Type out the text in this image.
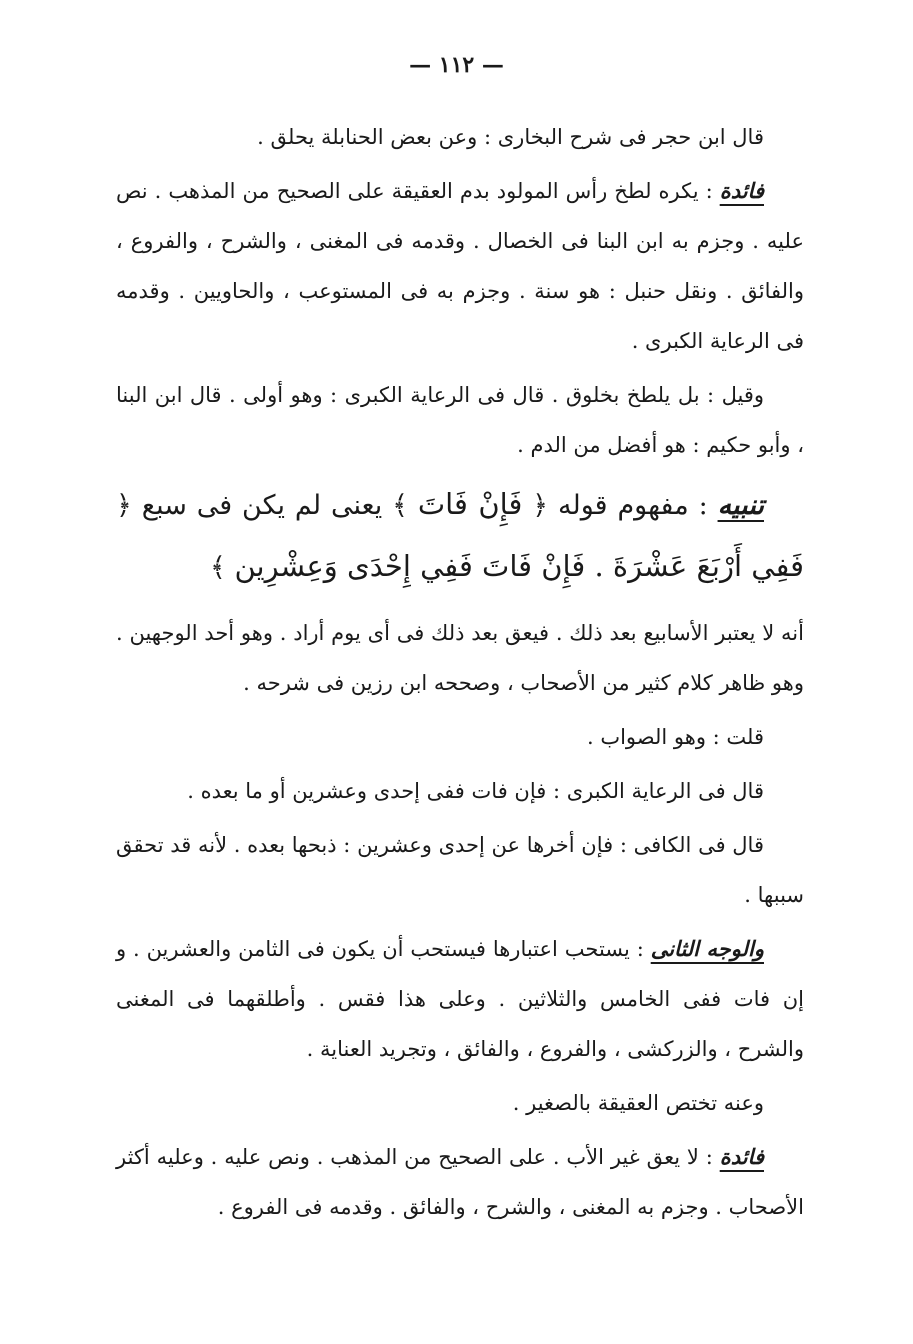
— ١١٢ —

قال ابن حجر فى شرح البخارى : وعن بعض الحنابلة يحلق .

فائدة : يكره لطخ رأس المولود بدم العقيقة على الصحيح من المذهب . نص عليه . وجزم به ابن البنا فى الخصال . وقدمه فى المغنى ، والشرح ، والفروع ، والفائق . ونقل حنبل : هو سنة . وجزم به فى المستوعب ، والحاويين . وقدمه فى الرعاية الكبرى .

وقيل : بل يلطخ بخلوق . قال فى الرعاية الكبرى : وهو أولى . قال ابن البنا ، وأبو حكيم : هو أفضل من الدم .

تنبيه : مفهوم قوله ﴿ فَإِنْ فَاتَ ﴾ يعنى لم يكن فى سبع ﴿ فَفِي أَرْبَعَ عَشْرَةَ . فَإِنْ فَاتَ فَفِي إِحْدَى وَعِشْرِين ﴾

أنه لا يعتبر الأسابيع بعد ذلك . فيعق بعد ذلك فى أى يوم أراد . وهو أحد الوجهين . وهو ظاهر كلام كثير من الأصحاب ، وصححه ابن رزين فى شرحه .

قلت : وهو الصواب .

قال فى الرعاية الكبرى : فإن فات ففى إحدى وعشرين أو ما بعده .

قال فى الكافى : فإن أخرها عن إحدى وعشرين : ذبحها بعده . لأنه قد تحقق سببها .

والوجه الثانى : يستحب اعتبارها فيستحب أن يكون فى الثامن والعشرين . و إن فات ففى الخامس والثلاثين . وعلى هذا فقس . وأطلقهما فى المغنى والشرح ، والزركشى ، والفروع ، والفائق ، وتجريد العناية .

وعنه تختص العقيقة بالصغير .

فائدة : لا يعق غير الأب . على الصحيح من المذهب . ونص عليه . وعليه أكثر الأصحاب . وجزم به المغنى ، والشرح ، والفائق . وقدمه فى الفروع .
